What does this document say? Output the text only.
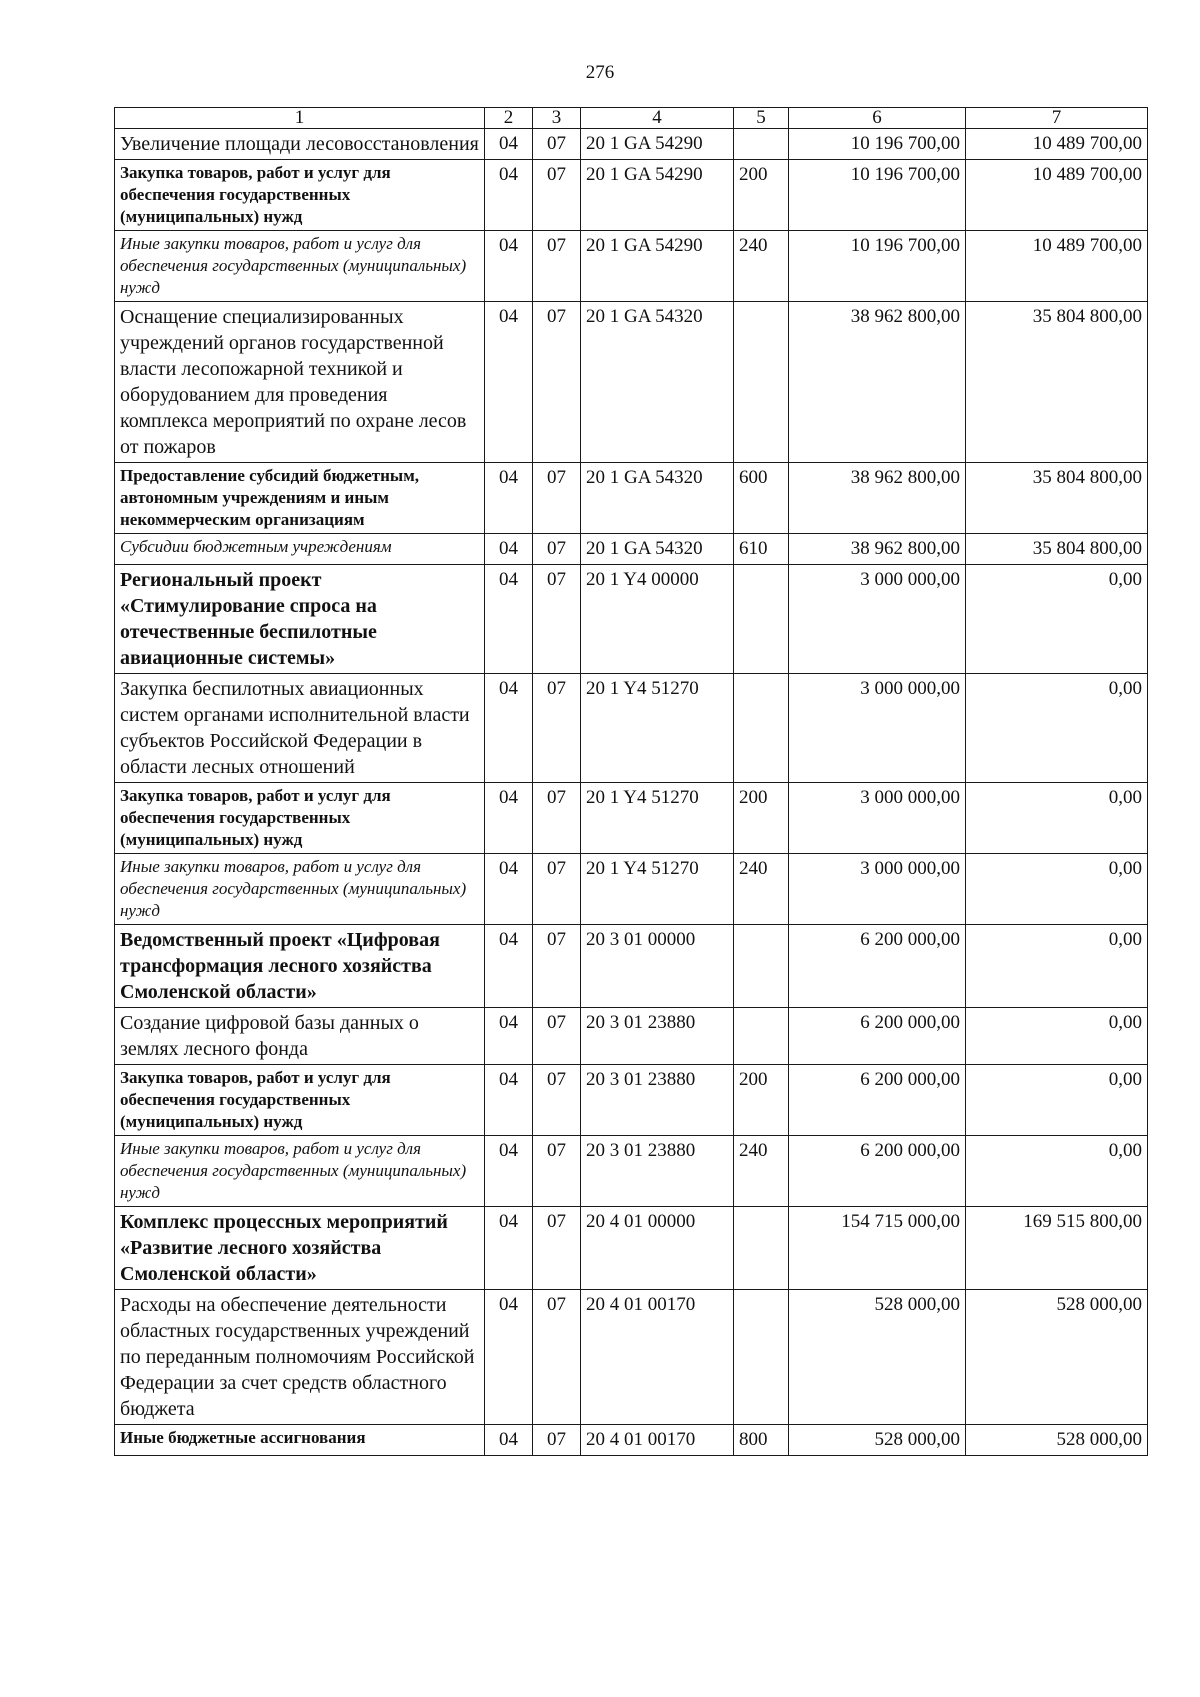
276
1	2	3	4	5	6	7
Увеличение площади лесовосстановления	04	07	20 1 GA 54290		10 196 700,00	10 489 700,00
Закупка товаров, работ и услуг для обеспечения государственных (муниципальных) нужд	04	07	20 1 GA 54290	200	10 196 700,00	10 489 700,00
Иные закупки товаров, работ и услуг для обеспечения государственных (муниципальных) нужд	04	07	20 1 GA 54290	240	10 196 700,00	10 489 700,00
Оснащение специализированных учреждений органов государственной власти лесопожарной техникой и оборудованием для проведения комплекса мероприятий по охране лесов от пожаров	04	07	20 1 GA 54320		38 962 800,00	35 804 800,00
Предоставление субсидий бюджетным, автономным учреждениям и иным некоммерческим организациям	04	07	20 1 GA 54320	600	38 962 800,00	35 804 800,00
Субсидии бюджетным учреждениям	04	07	20 1 GA 54320	610	38 962 800,00	35 804 800,00
Региональный проект «Стимулирование спроса на отечественные беспилотные авиационные системы»	04	07	20 1 Y4 00000		3 000 000,00	0,00
Закупка беспилотных авиационных систем органами исполнительной власти субъектов Российской Федерации в области лесных отношений	04	07	20 1 Y4 51270		3 000 000,00	0,00
Закупка товаров, работ и услуг для обеспечения государственных (муниципальных) нужд	04	07	20 1 Y4 51270	200	3 000 000,00	0,00
Иные закупки товаров, работ и услуг для обеспечения государственных (муниципальных) нужд	04	07	20 1 Y4 51270	240	3 000 000,00	0,00
Ведомственный проект «Цифровая трансформация лесного хозяйства Смоленской области»	04	07	20 3 01 00000		6 200 000,00	0,00
Создание цифровой базы данных о землях лесного фонда	04	07	20 3 01 23880		6 200 000,00	0,00
Закупка товаров, работ и услуг для обеспечения государственных (муниципальных) нужд	04	07	20 3 01 23880	200	6 200 000,00	0,00
Иные закупки товаров, работ и услуг для обеспечения государственных (муниципальных) нужд	04	07	20 3 01 23880	240	6 200 000,00	0,00
Комплекс процессных мероприятий «Развитие лесного хозяйства Смоленской области»	04	07	20 4 01 00000		154 715 000,00	169 515 800,00
Расходы на обеспечение деятельности областных государственных учреждений по переданным полномочиям Российской Федерации за счет средств областного бюджета	04	07	20 4 01 00170		528 000,00	528 000,00
Иные бюджетные ассигнования	04	07	20 4 01 00170	800	528 000,00	528 000,00
